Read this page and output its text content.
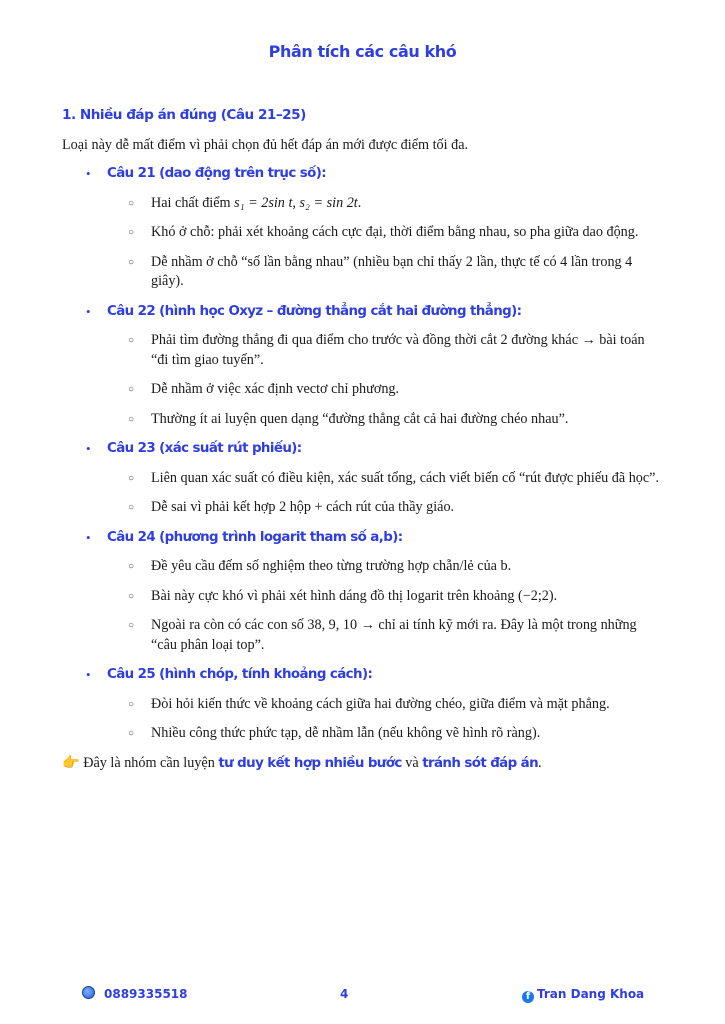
Phân tích các câu khó
1. Nhiều đáp án đúng (Câu 21–25)
Loại này dễ mất điểm vì phải chọn đủ hết đáp án mới được điểm tối đa.
• Câu 21 (dao động trên trục số):
○ Hai chất điểm s₁ = 2sin t, s₂ = sin 2t.
○ Khó ở chỗ: phải xét khoảng cách cực đại, thời điểm bằng nhau, so pha giữa dao động.
○ Dễ nhầm ở chỗ “số lần bằng nhau” (nhiều bạn chỉ thấy 2 lần, thực tế có 4 lần trong 4 giây).
• Câu 22 (hình học Oxyz – đường thẳng cắt hai đường thẳng):
○ Phải tìm đường thẳng đi qua điểm cho trước và đồng thời cắt 2 đường khác → bài toán “đi tìm giao tuyến”.
○ Dễ nhầm ở việc xác định vectơ chỉ phương.
○ Thường ít ai luyện quen dạng “đường thẳng cắt cả hai đường chéo nhau”.
• Câu 23 (xác suất rút phiếu):
○ Liên quan xác suất có điều kiện, xác suất tổng, cách viết biến cố “rút được phiếu đã học”.
○ Dễ sai vì phải kết hợp 2 hộp + cách rút của thầy giáo.
• Câu 24 (phương trình logarit tham số a,b):
○ Đề yêu cầu đếm số nghiệm theo từng trường hợp chẵn/lẻ của b.
○ Bài này cực khó vì phải xét hình dáng đồ thị logarit trên khoảng (−2;2).
○ Ngoài ra còn có các con số 38, 9, 10 → chỉ ai tính kỹ mới ra. Đây là một trong những “câu phân loại top”.
• Câu 25 (hình chóp, tính khoảng cách):
○ Đòi hỏi kiến thức về khoảng cách giữa hai đường chéo, giữa điểm và mặt phẳng.
○ Nhiều công thức phức tạp, dễ nhầm lẫn (nếu không vẽ hình rõ ràng).
👉 Đây là nhóm cần luyện tư duy kết hợp nhiều bước và tránh sót đáp án.
0889335518	4	f Tran Dang Khoa
